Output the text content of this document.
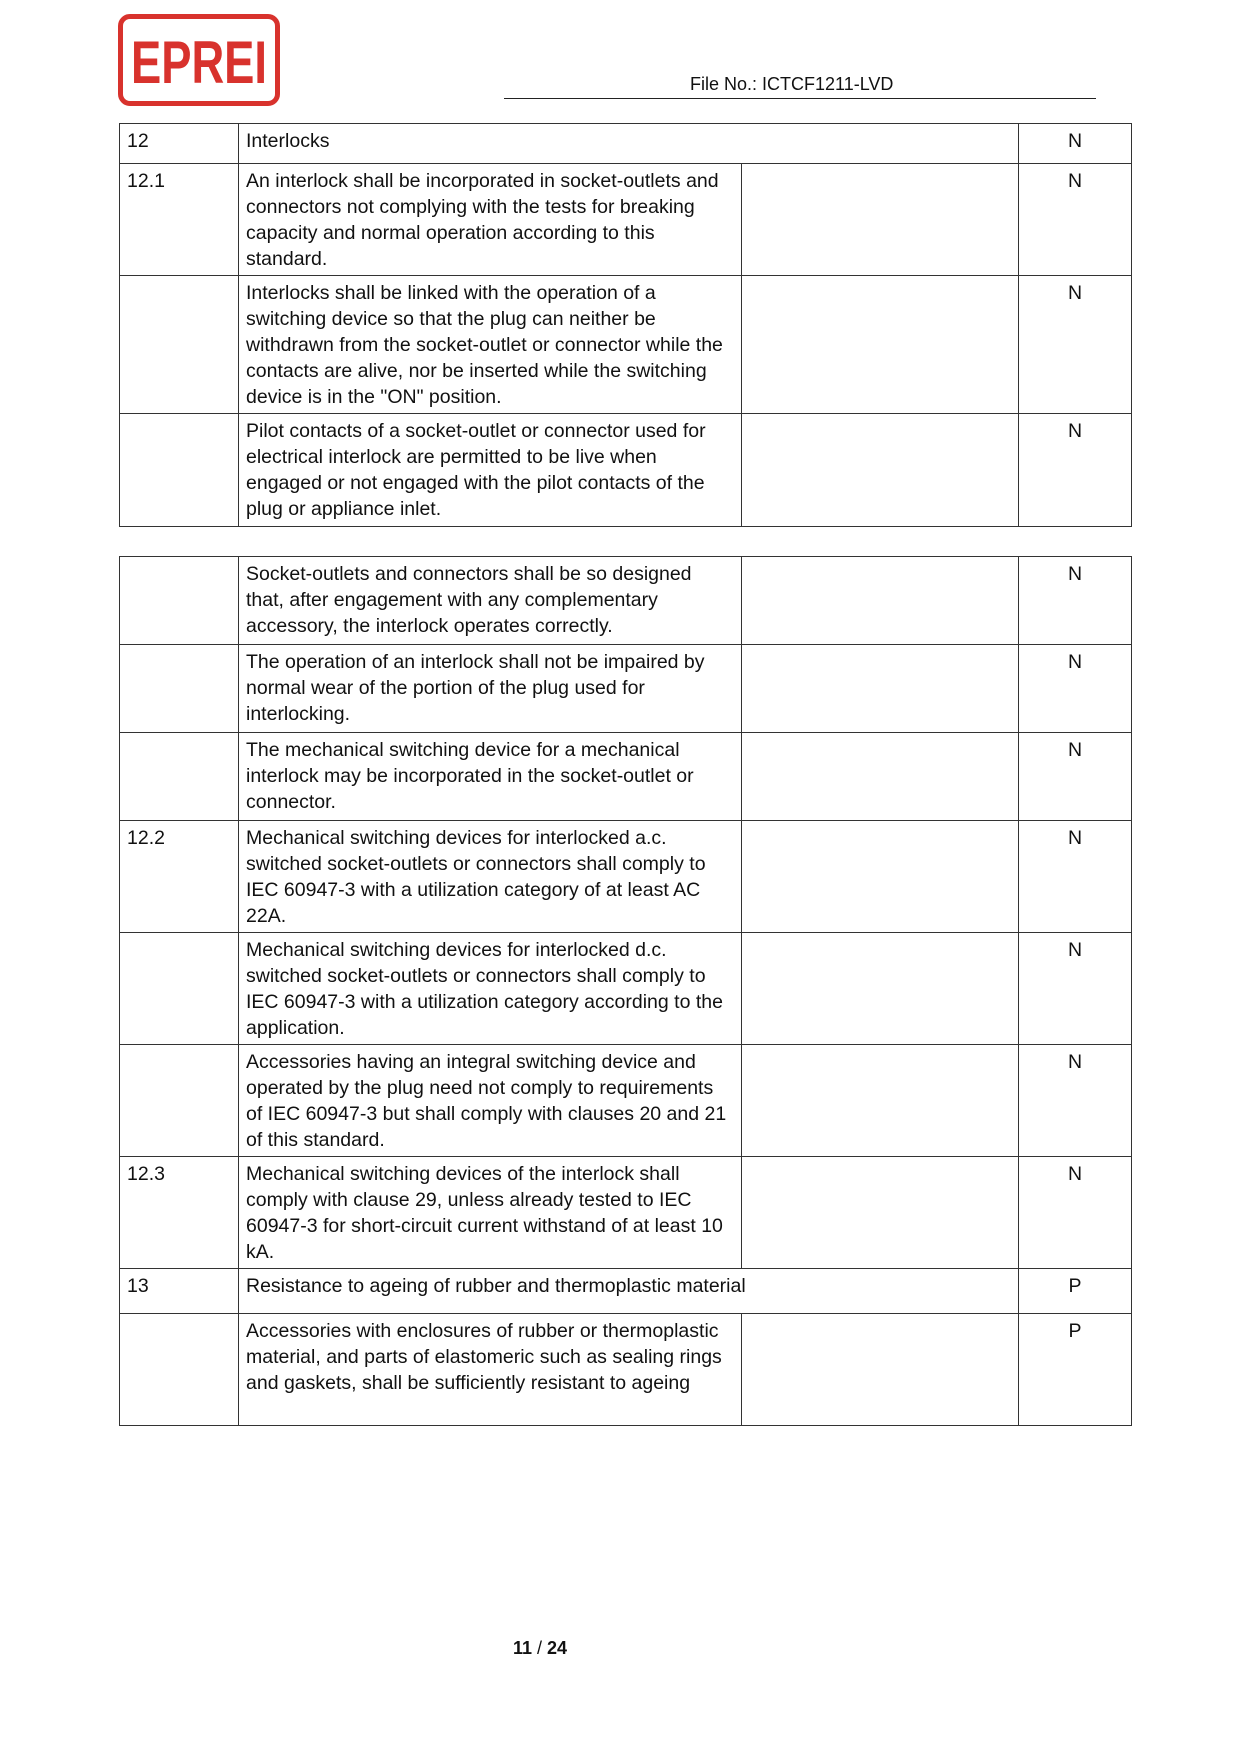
EPREI	File No.: ICTCF1211-LVD
12	Interlocks		N
12.1	An interlock shall be incorporated in socket-outlets and connectors not complying with the tests for breaking capacity and normal operation according to this standard.		N
	Interlocks shall be linked with the operation of a switching device so that the plug can neither be withdrawn from the socket-outlet or connector while the contacts are alive, nor be inserted while the switching device is in the "ON" position.		N
	Pilot contacts of a socket-outlet or connector used for electrical interlock are permitted to be live when engaged or not engaged with the pilot contacts of the plug or appliance inlet.		N
	Socket-outlets and connectors shall be so designed that, after engagement with any complementary accessory, the interlock operates correctly.		N
	The operation of an interlock shall not be impaired by normal wear of the portion of the plug used for interlocking.		N
	The mechanical switching device for a mechanical interlock may be incorporated in the socket-outlet or connector.		N
12.2	Mechanical switching devices for interlocked a.c. switched socket-outlets or connectors shall comply to IEC 60947-3 with a utilization category of at least AC 22A.		N
	Mechanical switching devices for interlocked d.c. switched socket-outlets or connectors shall comply to IEC 60947-3 with a utilization category according to the application.		N
	Accessories having an integral switching device and operated by the plug need not comply to requirements of IEC 60947-3 but shall comply with clauses 20 and 21 of this standard.		N
12.3	Mechanical switching devices of the interlock shall comply with clause 29, unless already tested to IEC 60947-3 for short-circuit current withstand of at least 10 kA.		N
13	Resistance to ageing of rubber and thermoplastic material		P
	Accessories with enclosures of rubber or thermoplastic material, and parts of elastomeric such as sealing rings and gaskets, shall be sufficiently resistant to ageing		P
11 / 24
